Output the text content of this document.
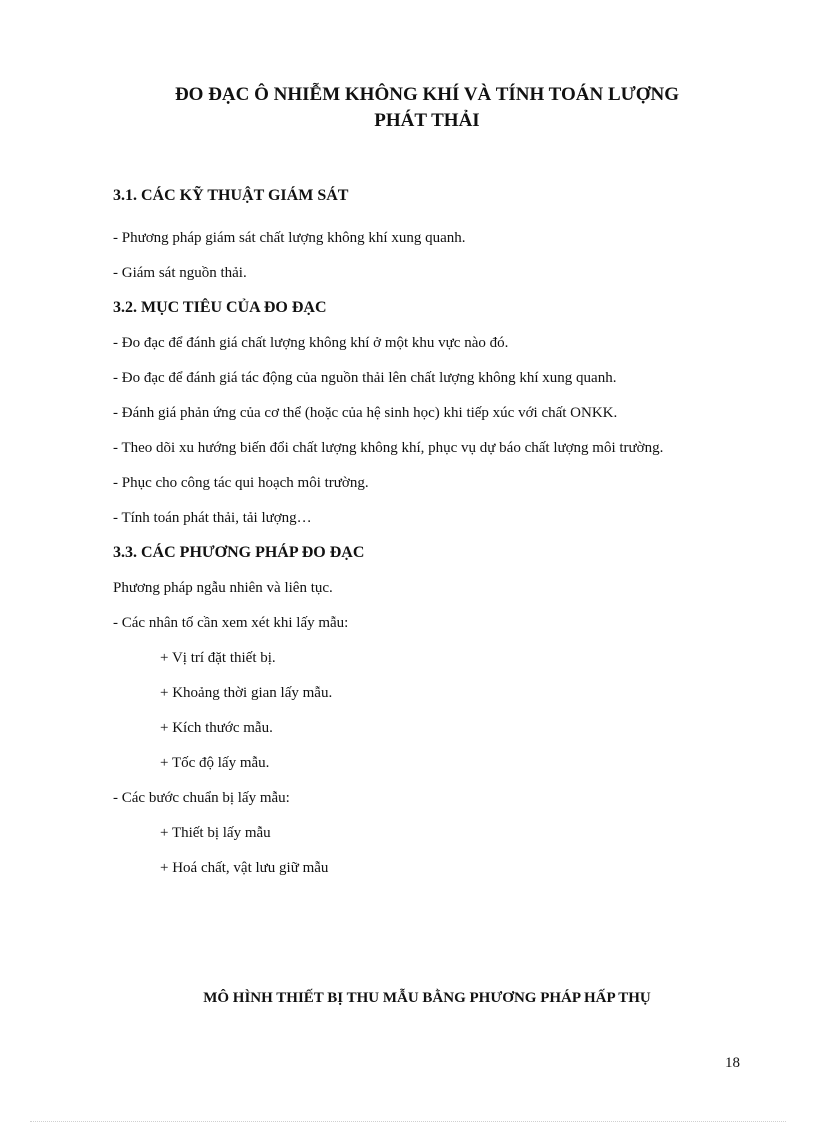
ĐO ĐẠC Ô NHIỄM KHÔNG KHÍ VÀ TÍNH TOÁN LƯỢNG
PHÁT THẢI

3.1. CÁC KỸ THUẬT GIÁM SÁT

- Phương pháp giám sát chất lượng không khí xung quanh.

- Giám sát nguồn thải.

3.2. MỤC TIÊU CỦA ĐO ĐẠC

- Đo đạc để đánh giá chất lượng không khí ở một khu vực nào đó.

- Đo đạc để đánh giá tác động của nguồn thải lên chất lượng không khí xung quanh.

- Đánh giá phản ứng của cơ thể (hoặc của hệ sinh học) khi tiếp xúc với chất ONKK.

- Theo dõi xu hướng biến đổi chất lượng không khí, phục vụ dự báo chất lượng môi trường.

- Phục cho công tác qui hoạch môi trường.

- Tính toán phát thải, tải lượng…

3.3. CÁC PHƯƠNG PHÁP ĐO ĐẠC

Phương pháp ngẫu nhiên và liên tục.

- Các nhân tố cần xem xét khi lấy mẫu:

+ Vị trí đặt thiết bị.

+ Khoảng thời gian lấy mẫu.

+ Kích thước mẫu.

+ Tốc độ lấy mẫu.

- Các bước chuẩn bị lấy mẫu:

+ Thiết bị lấy mẫu

+ Hoá chất, vật lưu giữ mẫu

MÔ HÌNH THIẾT BỊ THU MẪU BẰNG PHƯƠNG PHÁP HẤP THỤ

18
